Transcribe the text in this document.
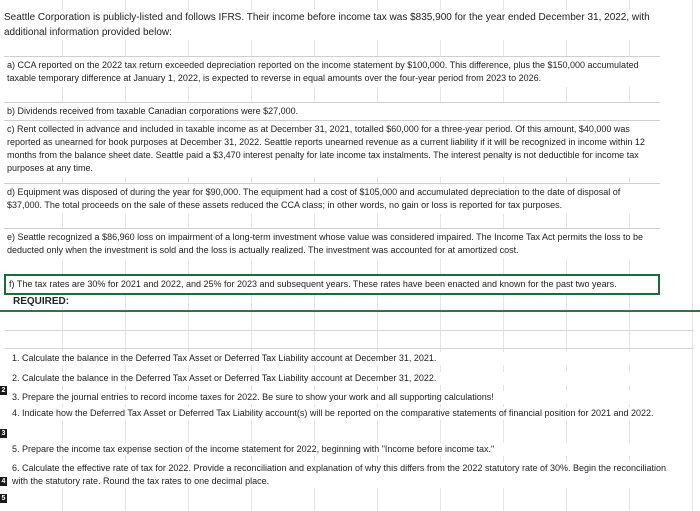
Seattle Corporation is publicly-listed and follows IFRS. Their income before income tax was $835,900 for the year ended December 31, 2022, with additional information provided below:
a) CCA reported on the 2022 tax return exceeded depreciation reported on the income statement by $100,000. This difference, plus the $150,000 accumulated taxable temporary difference at January 1, 2022, is expected to reverse in equal amounts over the four-year period from 2023 to 2026.
b) Dividends received from taxable Canadian corporations were $27,000.
c) Rent collected in advance and included in taxable income as at December 31, 2021, totalled $60,000 for a three-year period. Of this amount, $40,000 was reported as unearned for book purposes at December 31, 2022. Seattle reports unearned revenue as a current liability if it will be recognized in income within 12 months from the balance sheet date. Seattle paid a $3,470 interest penalty for late income tax instalments. The interest penalty is not deductible for income tax purposes at any time.
d) Equipment was disposed of during the year for $90,000. The equipment had a cost of $105,000 and accumulated depreciation to the date of disposal of $37,000. The total proceeds on the sale of these assets reduced the CCA class; in other words, no gain or loss is reported for tax purposes.
e) Seattle recognized a $86,960 loss on impairment of a long-term investment whose value was considered impaired. The Income Tax Act permits the loss to be deducted only when the investment is sold and the loss is actually realized. The investment was accounted for at amortized cost.
f) The tax rates are 30% for 2021 and 2022, and 25% for 2023 and subsequent years. These rates have been enacted and known for the past two years.
REQUIRED:
1. Calculate the balance in the Deferred Tax Asset or Deferred Tax Liability account at December 31, 2021.
2. Calculate the balance in the Deferred Tax Asset or Deferred Tax Liability account at December 31, 2022.
3. Prepare the journal entries to record income taxes for 2022. Be sure to show your work and all supporting calculations!
4. Indicate how the Deferred Tax Asset or Deferred Tax Liability account(s) will be reported on the comparative statements of financial position for 2021 and 2022.
5. Prepare the income tax expense section of the income statement for 2022, beginning with "Income before income tax."
6. Calculate the effective rate of tax for 2022. Provide a reconciliation and explanation of why this differs from the 2022 statutory rate of 30%. Begin the reconciliation with the statutory rate. Round the tax rates to one decimal place.
2
3
4
5
